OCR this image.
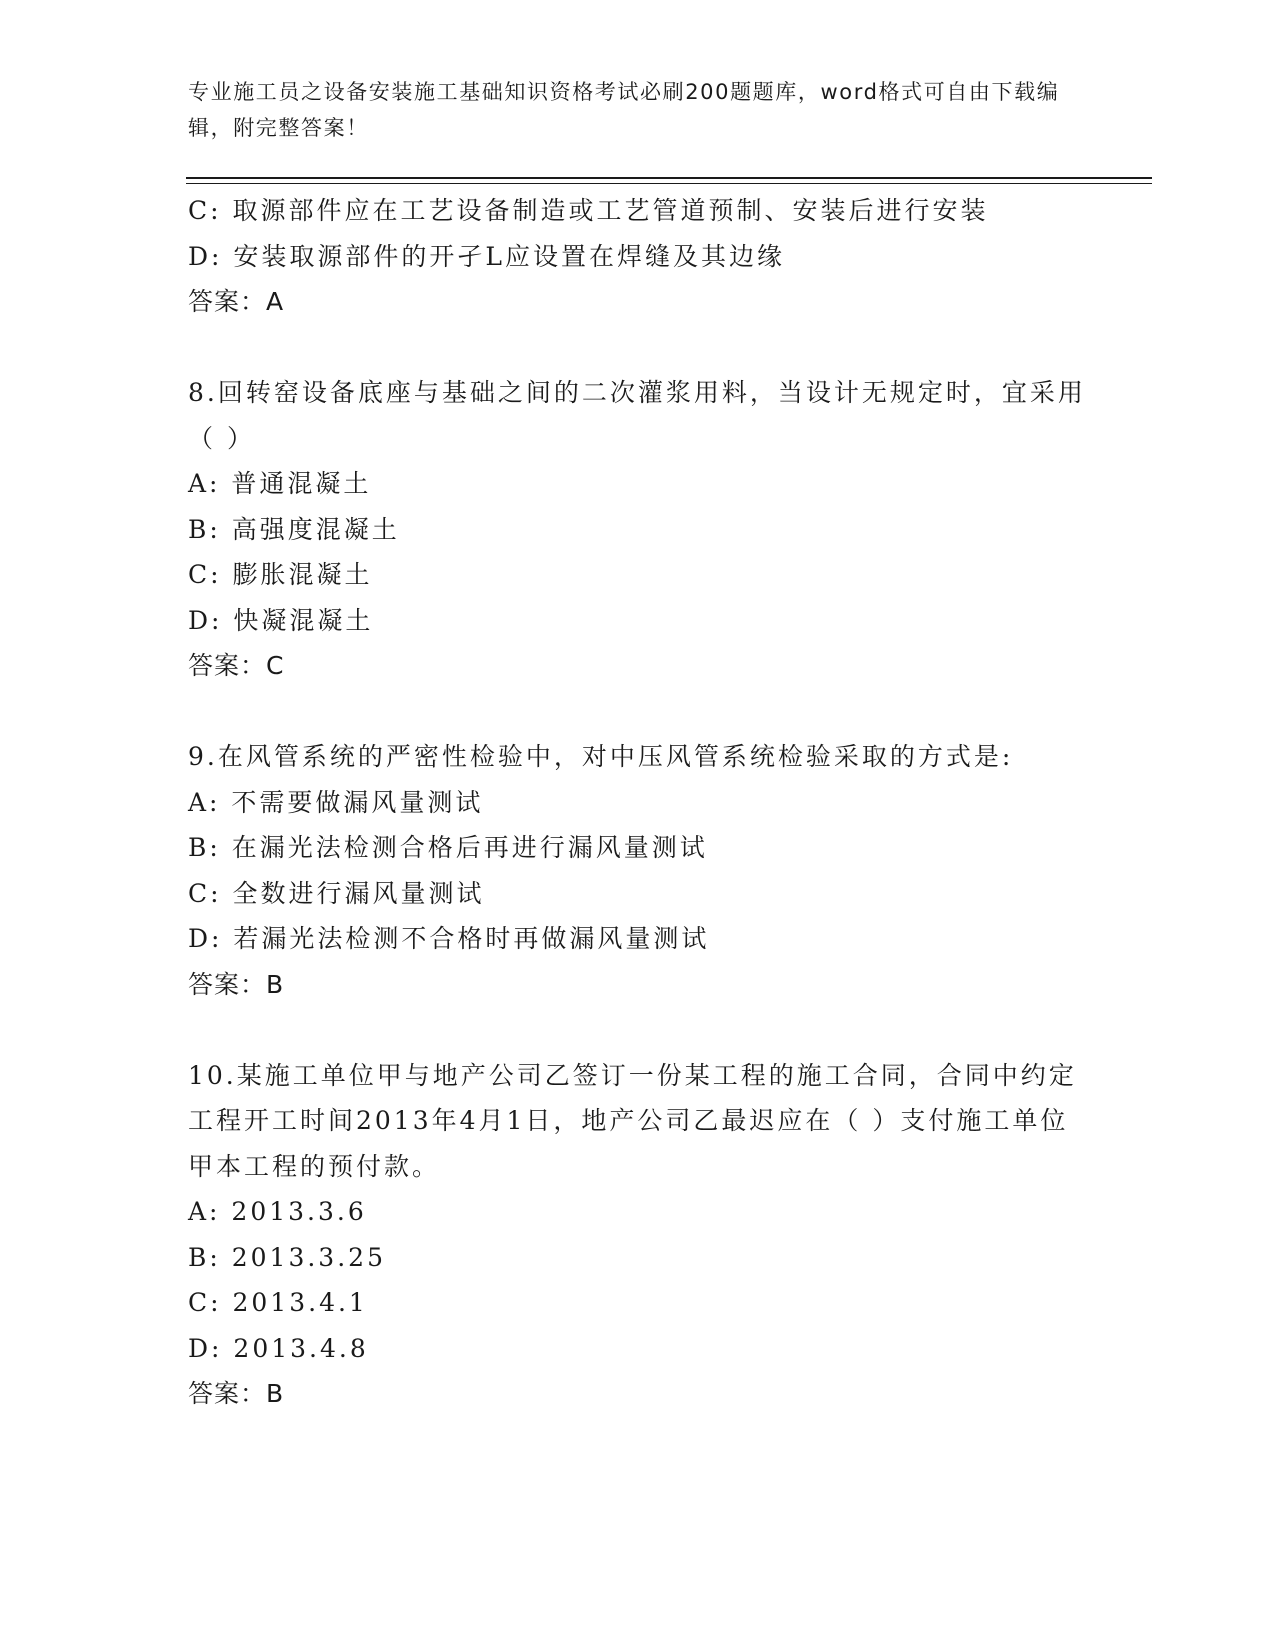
专业施工员之设备安装施工基础知识资格考试必刷200题题库，word格式可自由下载编辑，附完整答案！
C: 取源部件应在工艺设备制造或工艺管道预制、安装后进行安装
D: 安装取源部件的开孑L应设置在焊缝及其边缘
答案：A
8.回转窑设备底座与基础之间的二次灌浆用料，当设计无规定时，宜采用（ ）
A: 普通混凝土
B: 高强度混凝土
C: 膨胀混凝土
D: 快凝混凝土
答案：C
9.在风管系统的严密性检验中，对中压风管系统检验采取的方式是:
A: 不需要做漏风量测试
B: 在漏光法检测合格后再进行漏风量测试
C: 全数进行漏风量测试
D: 若漏光法检测不合格时再做漏风量测试
答案：B
10.某施工单位甲与地产公司乙签订一份某工程的施工合同，合同中约定工程开工时间2013年4月1日，地产公司乙最迟应在（ ）支付施工单位甲本工程的预付款。
A: 2013.3.6
B: 2013.3.25
C: 2013.4.1
D: 2013.4.8
答案：B
